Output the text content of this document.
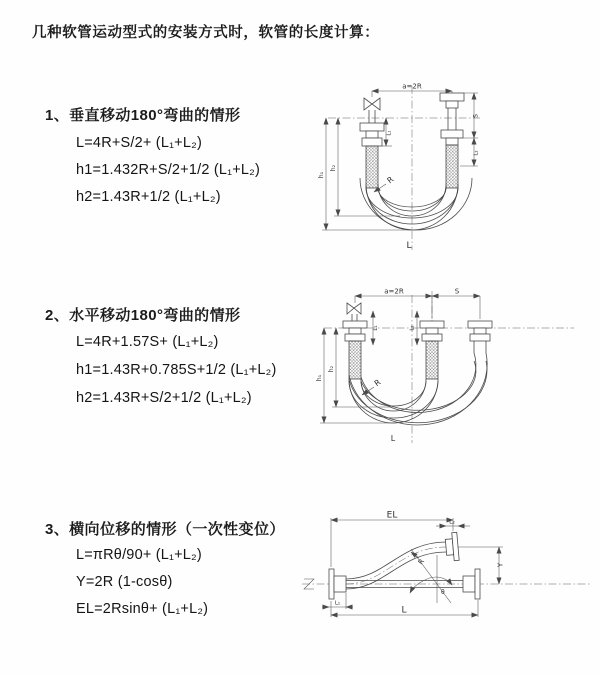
几种软管运动型式的安装方式时，软管的长度计算：
1、垂直移动180°弯曲的情形
L=4R+S/2+ (L₁+L₂)
h1=1.432R+S/2+1/2 (L₁+L₂)
h2=1.43R+1/2 (L₁+L₂)
2、水平移动180°弯曲的情形
L=4R+1.57S+ (L₁+L₂)
h1=1.43R+0.785S+1/2 (L₁+L₂)
h2=1.43R+S/2+1/2 (L₁+L₂)
3、横向位移的情形（一次性变位）
L=πRθ/90+ (L₁+L₂)
Y=2R (1-cosθ)
EL=2Rsinθ+ (L₁+L₂)
a=2R
h₁
h₂
L₁
S
L₂
R
L
a=2R	S
h₁
h₂
L₁	L₂
R
L
EL
L₂
Y
L
L₁
R
θ
